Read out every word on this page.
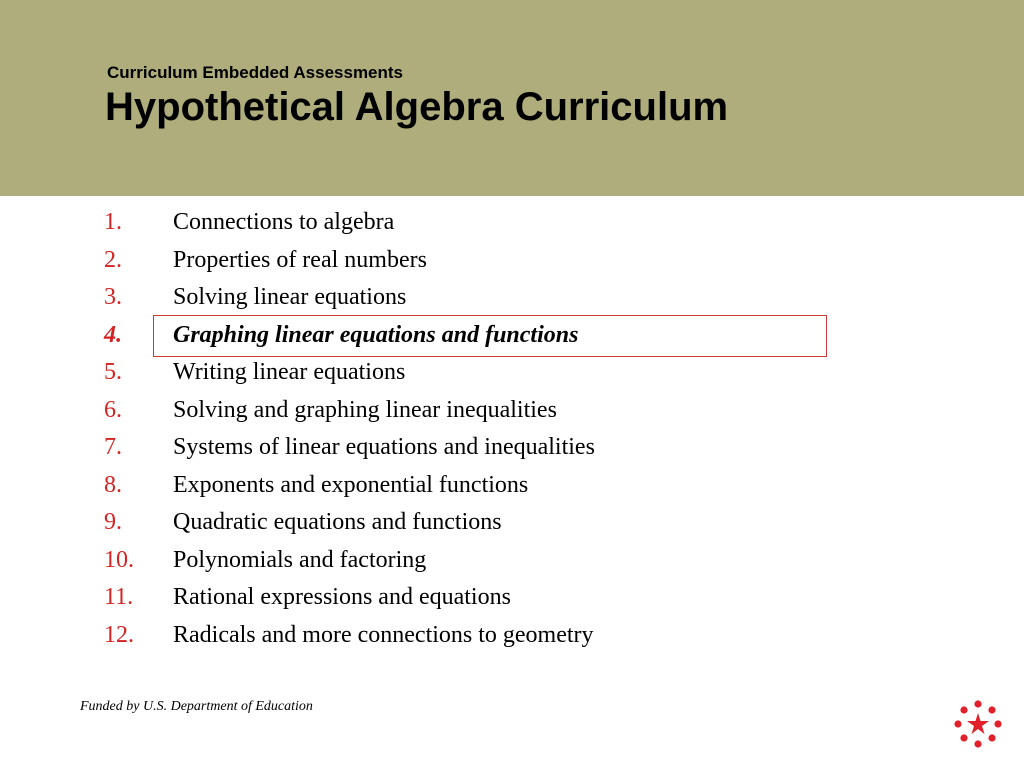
Curriculum Embedded Assessments
Hypothetical Algebra Curriculum
1. Connections to algebra
2. Properties of real numbers
3. Solving linear equations
4. Graphing linear equations and functions
5. Writing linear equations
6. Solving and graphing linear inequalities
7. Systems of linear equations and inequalities
8. Exponents and exponential functions
9. Quadratic equations and functions
10. Polynomials and factoring
11. Rational expressions and equations
12. Radicals and more connections to geometry
Funded by U.S. Department of Education
